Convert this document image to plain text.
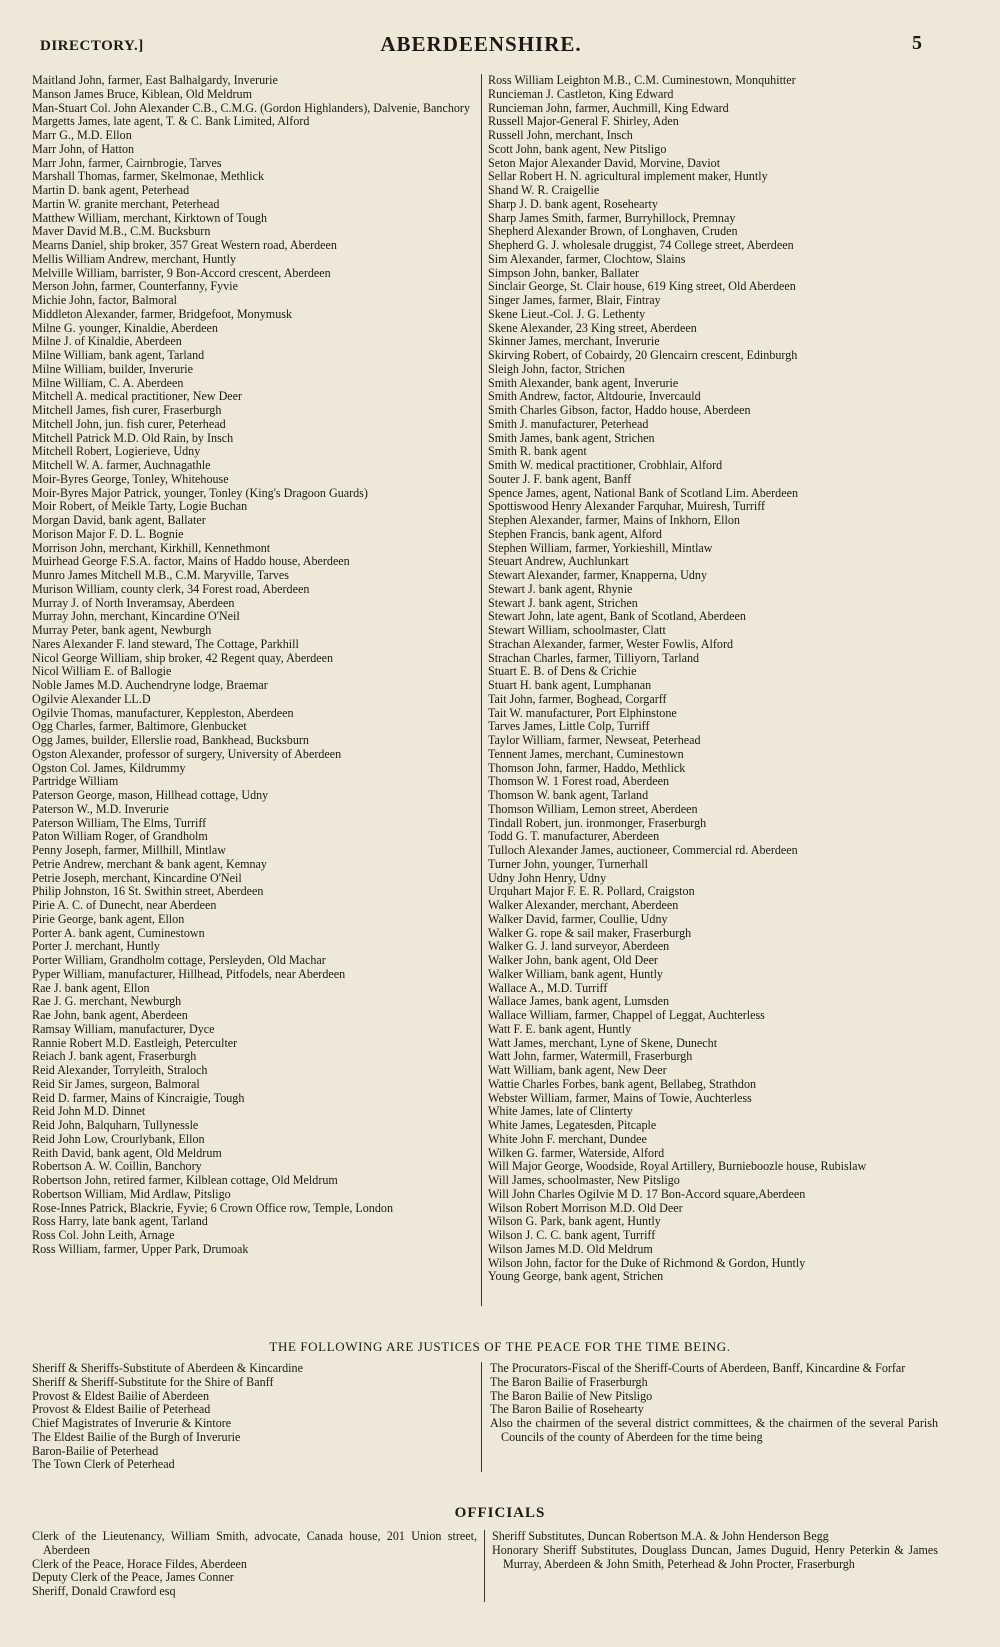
DIRECTORY.]	ABERDEENSHIRE.	5

Maitland John, farmer, East Balhalgardy, Inverurie

Manson James Bruce, Kiblean, Old Meldrum

Man-Stuart Col. John Alexander C.B., C.M.G. (Gordon Highlanders), Dalvenie, Banchory

Margetts James, late agent, T. & C. Bank Limited, Alford

Marr G., M.D. Ellon

Marr John, of Hatton

Marr John, farmer, Cairnbrogie, Tarves

Marshall Thomas, farmer, Skelmonae, Methlick

Martin D. bank agent, Peterhead

Martin W. granite merchant, Peterhead

Matthew William, merchant, Kirktown of Tough

Maver David M.B., C.M. Bucksburn

Mearns Daniel, ship broker, 357 Great Western road, Aberdeen

Mellis William Andrew, merchant, Huntly

Melville William, barrister, 9 Bon-Accord crescent, Aberdeen

Merson John, farmer, Counterfanny, Fyvie

Michie John, factor, Balmoral

Middleton Alexander, farmer, Bridgefoot, Monymusk

Milne G. younger, Kinaldie, Aberdeen

Milne J. of Kinaldie, Aberdeen

Milne William, bank agent, Tarland

Milne William, builder, Inverurie

Milne William, C. A. Aberdeen

Mitchell A. medical practitioner, New Deer

Mitchell James, fish curer, Fraserburgh

Mitchell John, jun. fish curer, Peterhead

Mitchell Patrick M.D. Old Rain, by Insch

Mitchell Robert, Logierieve, Udny

Mitchell W. A. farmer, Auchnagathle

Moir-Byres George, Tonley, Whitehouse

Moir-Byres Major Patrick, younger, Tonley (King's Dragoon Guards)

Moir Robert, of Meikle Tarty, Logie Buchan

Morgan David, bank agent, Ballater

Morison Major F. D. L. Bognie

Morrison John, merchant, Kirkhill, Kennethmont

Muirhead George F.S.A. factor, Mains of Haddo house, Aberdeen

Munro James Mitchell M.B., C.M. Maryville, Tarves

Murison William, county clerk, 34 Forest road, Aberdeen

Murray J. of North Inveramsay, Aberdeen

Murray John, merchant, Kincardine O'Neil

Murray Peter, bank agent, Newburgh

Nares Alexander F. land steward, The Cottage, Parkhill

Nicol George William, ship broker, 42 Regent quay, Aberdeen

Nicol William E. of Ballogie

Noble James M.D. Auchendryne lodge, Braemar

Ogilvie Alexander LL.D

Ogilvie Thomas, manufacturer, Keppleston, Aberdeen

Ogg Charles, farmer, Baltimore, Glenbucket

Ogg James, builder, Ellerslie road, Bankhead, Bucksburn

Ogston Alexander, professor of surgery, University of Aberdeen

Ogston Col. James, Kildrummy

Partridge William

Paterson George, mason, Hillhead cottage, Udny

Paterson W., M.D. Inverurie

Paterson William, The Elms, Turriff

Paton William Roger, of Grandholm

Penny Joseph, farmer, Millhill, Mintlaw

Petrie Andrew, merchant & bank agent, Kemnay

Petrie Joseph, merchant, Kincardine O'Neil

Philip Johnston, 16 St. Swithin street, Aberdeen

Pirie A. C. of Dunecht, near Aberdeen

Pirie George, bank agent, Ellon

Porter A. bank agent, Cuminestown

Porter J. merchant, Huntly

Porter William, Grandholm cottage, Persleyden, Old Machar

Pyper William, manufacturer, Hillhead, Pitfodels, near Aberdeen

Rae J. bank agent, Ellon

Rae J. G. merchant, Newburgh

Rae John, bank agent, Aberdeen

Ramsay William, manufacturer, Dyce

Rannie Robert M.D. Eastleigh, Peterculter

Reiach J. bank agent, Fraserburgh

Reid Alexander, Torryleith, Straloch

Reid Sir James, surgeon, Balmoral

Reid D. farmer, Mains of Kincraigie, Tough

Reid John M.D. Dinnet

Reid John, Balquharn, Tullynessle

Reid John Low, Crourlybank, Ellon

Reith David, bank agent, Old Meldrum

Robertson A. W. Coillin, Banchory

Robertson John, retired farmer, Kilblean cottage, Old Meldrum

Robertson William, Mid Ardlaw, Pitsligo

Rose-Innes Patrick, Blackrie, Fyvie; 6 Crown Office row, Temple, London

Ross Harry, late bank agent, Tarland

Ross Col. John Leith, Arnage

Ross William, farmer, Upper Park, Drumoak

Ross William Leighton M.B., C.M. Cuminestown, Monquhitter

Runcieman J. Castleton, King Edward

Runcieman John, farmer, Auchmill, King Edward

Russell Major-General F. Shirley, Aden

Russell John, merchant, Insch

Scott John, bank agent, New Pitsligo

Seton Major Alexander David, Morvine, Daviot

Sellar Robert H. N. agricultural implement maker, Huntly

Shand W. R. Craigellie

Sharp J. D. bank agent, Rosehearty

Sharp James Smith, farmer, Burryhillock, Premnay

Shepherd Alexander Brown, of Longhaven, Cruden

Shepherd G. J. wholesale druggist, 74 College street, Aberdeen

Sim Alexander, farmer, Clochtow, Slains

Simpson John, banker, Ballater

Sinclair George, St. Clair house, 619 King street, Old Aberdeen

Singer James, farmer, Blair, Fintray

Skene Lieut.-Col. J. G. Lethenty

Skene Alexander, 23 King street, Aberdeen

Skinner James, merchant, Inverurie

Skirving Robert, of Cobairdy, 20 Glencairn crescent, Edinburgh

Sleigh John, factor, Strichen

Smith Alexander, bank agent, Inverurie

Smith Andrew, factor, Altdourie, Invercauld

Smith Charles Gibson, factor, Haddo house, Aberdeen

Smith J. manufacturer, Peterhead

Smith James, bank agent, Strichen

Smith R. bank agent

Smith W. medical practitioner, Crobhlair, Alford

Souter J. F. bank agent, Banff

Spence James, agent, National Bank of Scotland Lim. Aberdeen

Spottiswood Henry Alexander Farquhar, Muiresh, Turriff

Stephen Alexander, farmer, Mains of Inkhorn, Ellon

Stephen Francis, bank agent, Alford

Stephen William, farmer, Yorkieshill, Mintlaw

Steuart Andrew, Auchlunkart

Stewart Alexander, farmer, Knapperna, Udny

Stewart J. bank agent, Rhynie

Stewart J. bank agent, Strichen

Stewart John, late agent, Bank of Scotland, Aberdeen

Stewart William, schoolmaster, Clatt

Strachan Alexander, farmer, Wester Fowlis, Alford

Strachan Charles, farmer, Tilliyorn, Tarland

Stuart E. B. of Dens & Crichie

Stuart H. bank agent, Lumphanan

Tait John, farmer, Boghead, Corgarff

Tait W. manufacturer, Port Elphinstone

Tarves James, Little Colp, Turriff

Taylor William, farmer, Newseat, Peterhead

Tennent James, merchant, Cuminestown

Thomson John, farmer, Haddo, Methlick

Thomson W. 1 Forest road, Aberdeen

Thomson W. bank agent, Tarland

Thomson William, Lemon street, Aberdeen

Tindall Robert, jun. ironmonger, Fraserburgh

Todd G. T. manufacturer, Aberdeen

Tulloch Alexander James, auctioneer, Commercial rd. Aberdeen

Turner John, younger, Turnerhall

Udny John Henry, Udny

Urquhart Major F. E. R. Pollard, Craigston

Walker Alexander, merchant, Aberdeen

Walker David, farmer, Coullie, Udny

Walker G. rope & sail maker, Fraserburgh

Walker G. J. land surveyor, Aberdeen

Walker John, bank agent, Old Deer

Walker William, bank agent, Huntly

Wallace A., M.D. Turriff

Wallace James, bank agent, Lumsden

Wallace William, farmer, Chappel of Leggat, Auchterless

Watt F. E. bank agent, Huntly

Watt James, merchant, Lyne of Skene, Dunecht

Watt John, farmer, Watermill, Fraserburgh

Watt William, bank agent, New Deer

Wattie Charles Forbes, bank agent, Bellabeg, Strathdon

Webster William, farmer, Mains of Towie, Auchterless

White James, late of Clinterty

White James, Legatesden, Pitcaple

White John F. merchant, Dundee

Wilken G. farmer, Waterside, Alford

Will Major George, Woodside, Royal Artillery, Burnieboozle house, Rubislaw

Will James, schoolmaster, New Pitsligo

Will John Charles Ogilvie M D. 17 Bon-Accord square,Aberdeen

Wilson Robert Morrison M.D. Old Deer

Wilson G. Park, bank agent, Huntly

Wilson J. C. C. bank agent, Turriff

Wilson James M.D. Old Meldrum

Wilson John, factor for the Duke of Richmond & Gordon, Huntly

Young George, bank agent, Strichen

THE FOLLOWING ARE JUSTICES OF THE PEACE FOR THE TIME BEING.

Sheriff & Sheriffs-Substitute of Aberdeen & Kincardine

Sheriff & Sheriff-Substitute for the Shire of Banff

Provost & Eldest Bailie of Aberdeen

Provost & Eldest Bailie of Peterhead

Chief Magistrates of Inverurie & Kintore

The Eldest Bailie of the Burgh of Inverurie

Baron-Bailie of Peterhead

The Town Clerk of Peterhead

The Procurators-Fiscal of the Sheriff-Courts of Aberdeen, Banff, Kincardine & Forfar

The Baron Bailie of Fraserburgh

The Baron Bailie of New Pitsligo

The Baron Bailie of Rosehearty

Also the chairmen of the several district committees, & the chairmen of the several Parish Councils of the county of Aberdeen for the time being

OFFICIALS

Clerk of the Lieutenancy, William Smith, advocate, Canada house, 201 Union street, Aberdeen

Clerk of the Peace, Horace Fildes, Aberdeen

Deputy Clerk of the Peace, James Conner

Sheriff, Donald Crawford esq

Sheriff Substitutes, Duncan Robertson M.A. & John Henderson Begg

Honorary Sheriff Substitutes, Douglass Duncan, James Duguid, Henry Peterkin & James Murray, Aberdeen & John Smith, Peterhead & John Procter, Fraserburgh
